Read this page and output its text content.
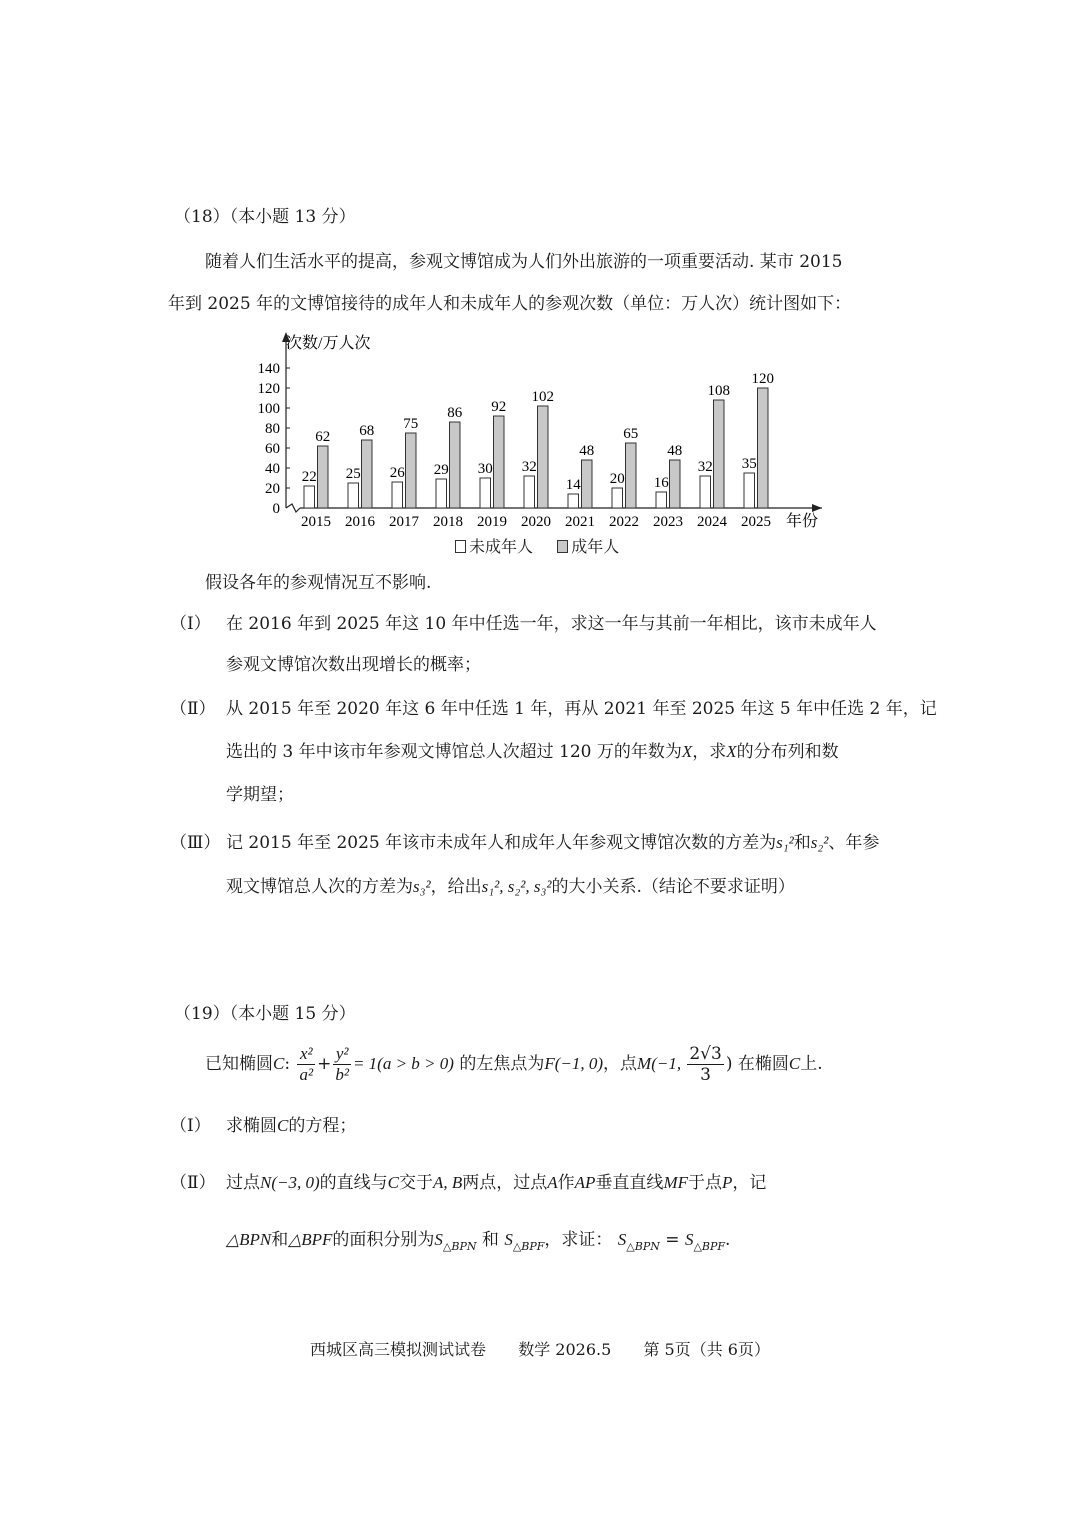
（18）（本小题 13 分）
随着人们生活水平的提高，参观文博馆成为人们外出旅游的一项重要活动. 某市 2015
年到 2025 年的文博馆接待的成年人和未成年人的参观次数（单位：万人次）统计图如下：
0
20
40
60
80
100
120
140
22
62
25
68
26
75
29
86
30
92
32
102
14
48
20
65
16
48
32
108
35
120
2015 2016 2017 2018 2019 2020 2021 2022 2023 2024 2025
次数/万人次
年份
未成年人 成年人
假设各年的参观情况互不影响.
（Ⅰ） 在 2016 年到 2025 年这 10 年中任选一年，求这一年与其前一年相比，该市未成年人
参观文博馆次数出现增长的概率；
（Ⅱ） 从 2015 年至 2020 年这 6 年中任选 1 年，再从 2021 年至 2025 年这 5 年中任选 2 年，记
选出的 3 年中该市年参观文博馆总人次超过 120 万的年数为X，求X的分布列和数
学期望；
（Ⅲ） 记 2015 年至 2025 年该市未成年人和成年人年参观文博馆次数的方差为s₁²和s₂²、年参
观文博馆总人次的方差为s₃²，给出s₁², s₂², s₃²的大小关系.（结论不要求证明）
（19）（本小题 15 分）
已知椭圆C: $\frac{\text{x²}}{\text{a²}} + \frac{\text{y²}}{\text{b²}} = 1(a > b > 0)$ 的左焦点为F(−1, 0)，点M(−1, $\frac{2√3}{3}$ ) 在椭圆C上.
（Ⅰ） 求椭圆C的方程；
（Ⅱ） 过点N(−3, 0)的直线与C交于A, B两点，过点A作AP垂直直线MF于点P，记
△BPN和△BPF的面积分别为$S_{\triangle BPN}$ 和 $S_{\triangle BPF}$，求证： $S_{\triangle BPN} = S_{\triangle BPF}$.
西城区高三模拟测试试卷 数学 2026.5 第 5页（共 6页）
